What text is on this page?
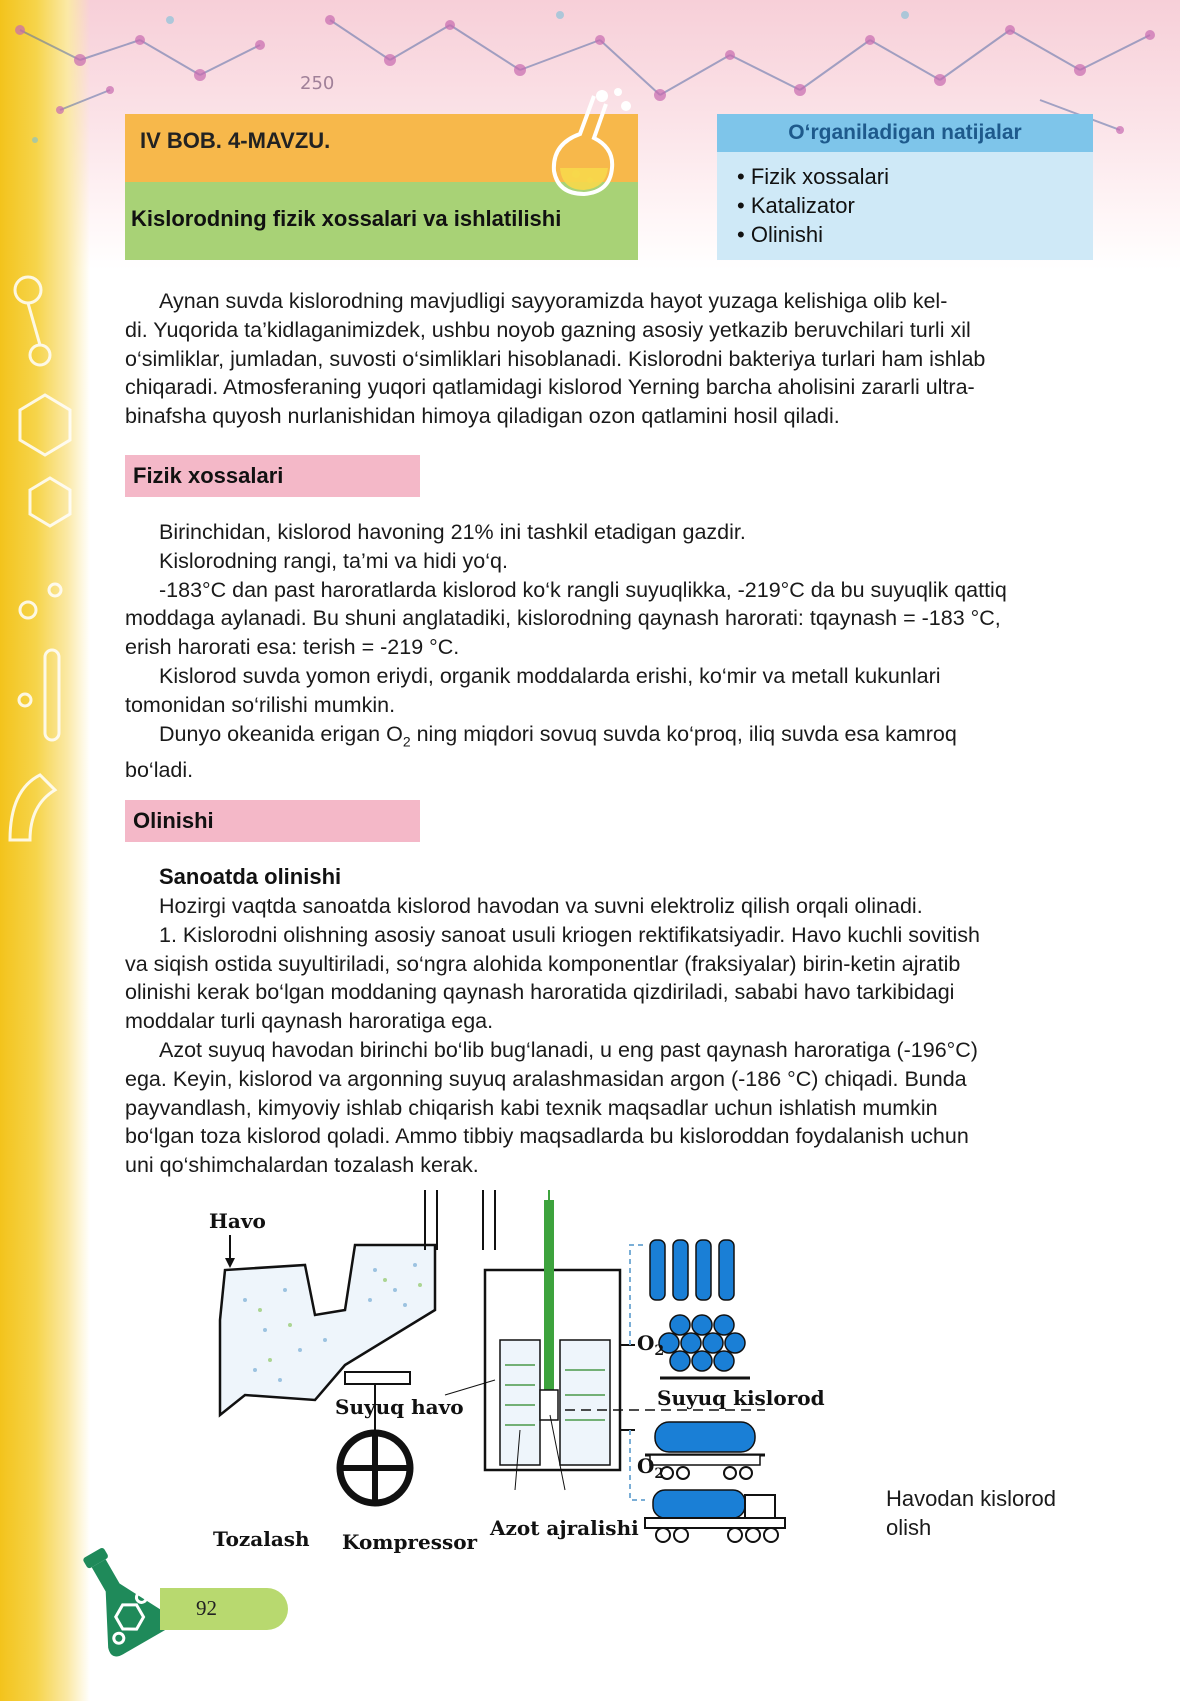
250
IV BOB. 4-MAVZU.
Kislorodning fizik xossalari va ishlatilishi
O‘rganiladigan natijalar
• Fizik xossalari
• Katalizator
• Olinishi

Aynan suvda kislorodning mavjudligi sayyoramizda hayot yuzaga kelishiga olib kel-
di. Yuqorida ta’kidlaganimizdek, ushbu noyob gazning asosiy yetkazib beruvchilari turli xil
o‘simliklar, jumladan, suvosti o‘simliklari hisoblanadi. Kislorodni bakteriya turlari ham ishlab
chiqaradi. Atmosferaning yuqori qatlamidagi kislorod Yerning barcha aholisini zararli ultra-
binafsha quyosh nurlanishidan himoya qiladigan ozon qatlamini hosil qiladi.

Fizik xossalari

Birinchidan, kislorod havoning 21% ini tashkil etadigan gazdir.
Kislorodning rangi, ta’mi va hidi yo‘q.
-183°C dan past haroratlarda kislorod ko‘k rangli suyuqlikka, -219°C da bu suyuqlik qattiq
moddaga aylanadi. Bu shuni anglatadiki, kislorodning qaynash harorati: tqaynash = -183 °C,
erish harorati esa: terish = -219 °C.
Kislorod suvda yomon eriydi, organik moddalarda erishi, ko‘mir va metall kukunlari
tomonidan so‘rilishi mumkin.
Dunyo okeanida erigan $O_2$ ning miqdori sovuq suvda ko‘proq, iliq suvda esa kamroq
bo‘ladi.

Olinishi
Sanoatda olinishi

Hozirgi vaqtda sanoatda kislorod havodan va suvni elektroliz qilish orqali olinadi.
1. Kislorodni olishning asosiy sanoat usuli kriogen rektifikatsiyadir. Havo kuchli sovitish
va siqish ostida suyultiriladi, so‘ngra alohida komponentlar (fraksiyalar) birin-ketin ajratib
olinishi kerak bo‘lgan moddaning qaynash haroratida qizdiriladi, sababi havo tarkibidagi
moddalar turli qaynash haroratiga ega.
Azot suyuq havodan birinchi bo‘lib bug‘lanadi, u eng past qaynash haroratiga (-196°C)
ega. Keyin, kislorod va argonning suyuq aralashmasidan argon (-186 °C) chiqadi. Bunda
payvandlash, kimyoviy ishlab chiqarish kabi texnik maqsadlar uchun ishlatish mumkin
bo‘lgan toza kislorod qoladi. Ammo tibbiy maqsadlarda bu kisloroddan foydalanish uchun
uni qo‘shimchalardan tozalash kerak.

Havo
$O_2$
$O_2$
Suyuq havo	Suyuq kislorod
Tozalash Kompressor
Azot ajralishi
Havodan kislorod
olish
92
